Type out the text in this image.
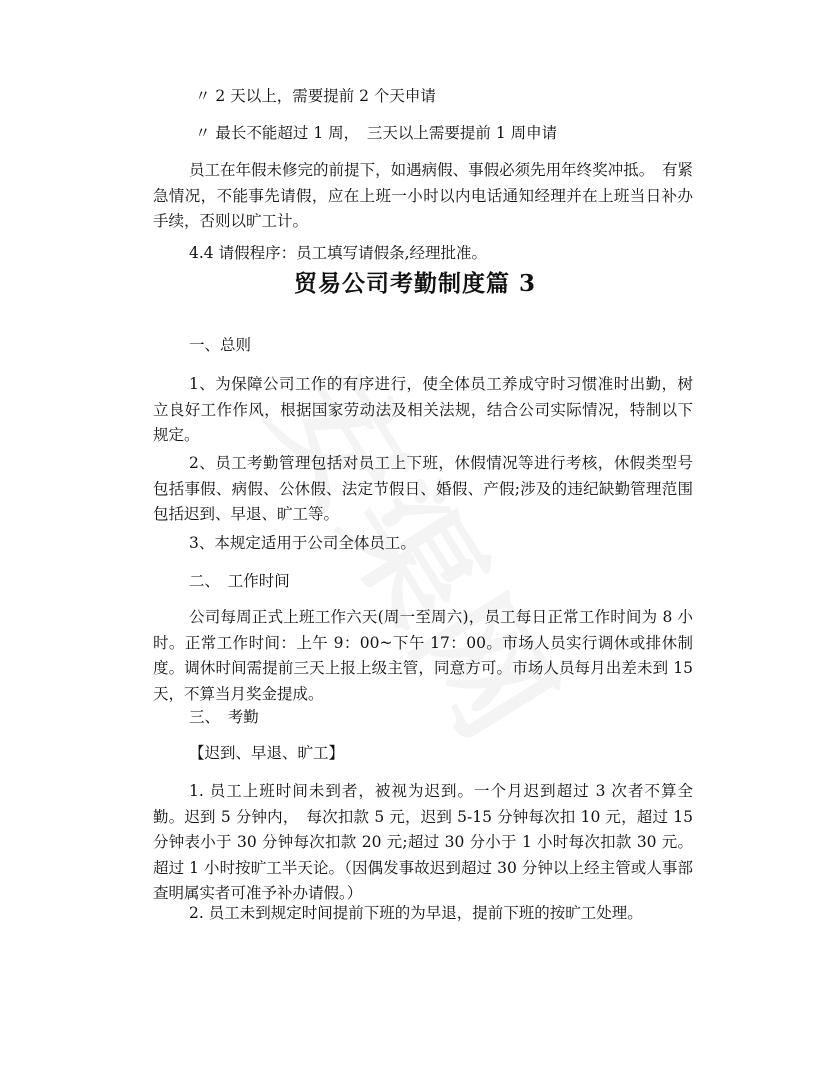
〃 2 天以上，需要提前 2 个天申请
〃 最长不能超过 1 周，　三天以上需要提前 1 周申请
员工在年假未修完的前提下，如遇病假、事假必须先用年终奖冲抵。　有紧急情况，不能事先请假，应在上班一小时以内电话通知经理并在上班当日补办手续，否则以旷工计。
4.4 请假程序：员工填写请假条,经理批准。
贸易公司考勤制度篇 3
一、总则
1、为保障公司工作的有序进行，使全体员工养成守时习惯准时出勤，树立良好工作作风，根据国家劳动法及相关法规，结合公司实际情况，特制以下规定。
2、员工考勤管理包括对员工上下班，休假情况等进行考核，休假类型号包括事假、病假、公休假、法定节假日、婚假、产假;涉及的违纪缺勤管理范围包括迟到、早退、旷工等。
3、本规定适用于公司全体员工。
二、　工作时间
公司每周正式上班工作六天(周一至周六)，员工每日正常工作时间为 8 小时。正常工作时间：上午 9：00~下午 17：00。市场人员实行调休或排休制度。调休时间需提前三天上报上级主管，同意方可。市场人员每月出差未到 15 天，不算当月奖金提成。
三、　考勤
【迟到、早退、旷工】
1. 员工上班时间未到者，被视为迟到。一个月迟到超过 3 次者不算全勤。迟到 5 分钟内，　每次扣款 5 元，迟到 5-15 分钟每次扣 10 元，超过 15 分钟表小于 30 分钟每次扣款 20 元;超过 30 分小于 1 小时每次扣款 30 元。超过 1 小时按旷工半天论。（因偶发事故迟到超过 30 分钟以上经主管或人事部查明属实者可准予补办请假。）
2. 员工未到规定时间提前下班的为早退，提前下班的按旷工处理。
